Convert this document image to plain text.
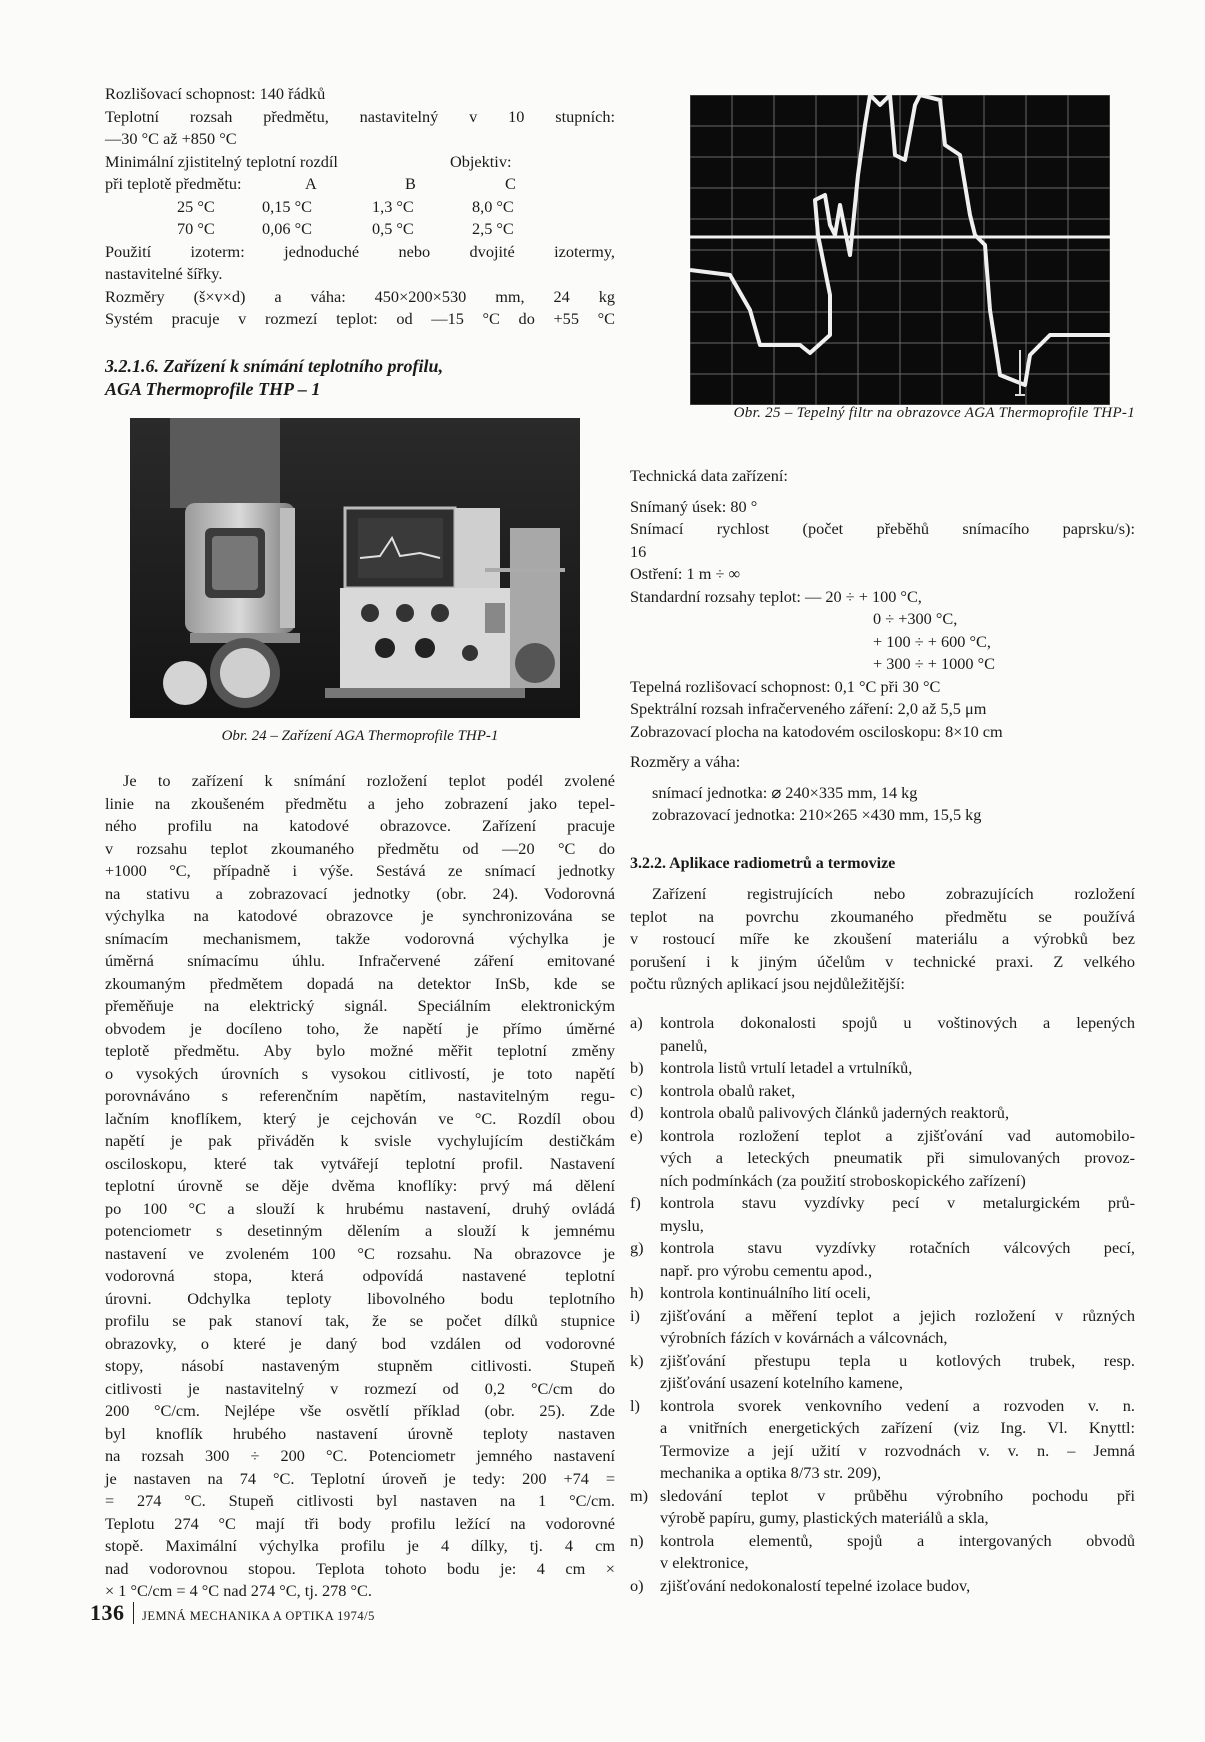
Rozlišovací schopnost: 140 řádků
Teplotní rozsah předmětu, nastavitelný v 10 stupních:
—30 °C až +850 °C
Minimální zjistitelný teplotní rozdíl	Objektiv:
při teplotě předmětu:	A	B	C
25 °C	0,15 °C	1,3 °C	8,0 °C
70 °C	0,06 °C	0,5 °C	2,5 °C
Použití izoterm: jednoduché nebo dvojité izotermy,
nastavitelné šířky.
Rozměry (š×v×d) a váha: 450×200×530 mm, 24 kg
Systém pracuje v rozmezí teplot: od —15 °C do +55 °C
3.2.1.6. Zařízení k snímání teplotního profilu,
AGA Thermoprofile THP – 1
Obr. 24 – Zařízení AGA Thermoprofile THP-1
Je to zařízení k snímání rozložení teplot podél zvolené
linie na zkoušeném předmětu a jeho zobrazení jako tepel-
ného profilu na katodové obrazovce. Zařízení pracuje
v rozsahu teplot zkoumaného předmětu od —20 °C do
+1000 °C, případně i výše. Sestává ze snímací jednotky
na stativu a zobrazovací jednotky (obr. 24). Vodorovná
výchylka na katodové obrazovce je synchronizována se
snímacím mechanismem, takže vodorovná výchylka je
úměrná snímacímu úhlu. Infračervené záření emitované
zkoumaným předmětem dopadá na detektor InSb, kde se
přeměňuje na elektrický signál. Speciálním elektronickým
obvodem je docíleno toho, že napětí je přímo úměrné
teplotě předmětu. Aby bylo možné měřit teplotní změny
o vysokých úrovních s vysokou citlivostí, je toto napětí
porovnáváno s referenčním napětím, nastavitelným regu-
lačním knoflíkem, který je cejchován ve °C. Rozdíl obou
napětí je pak přiváděn k svisle vychylujícím destičkám
osciloskopu, které tak vytvářejí teplotní profil. Nastavení
teplotní úrovně se děje dvěma knoflíky: prvý má dělení
po 100 °C a slouží k hrubému nastavení, druhý ovládá
potenciometr s desetinným dělením a slouží k jemnému
nastavení ve zvoleném 100 °C rozsahu. Na obrazovce je
vodorovná stopa, která odpovídá nastavené teplotní
úrovni. Odchylka teploty libovolného bodu teplotního
profilu se pak stanoví tak, že se počet dílků stupnice
obrazovky, o které je daný bod vzdálen od vodorovné
stopy, násobí nastaveným stupněm citlivosti. Stupeň
citlivosti je nastavitelný v rozmezí od 0,2 °C/cm do
200 °C/cm. Nejlépe vše osvětlí příklad (obr. 25). Zde
byl knoflík hrubého nastavení úrovně teploty nastaven
na rozsah 300 ÷ 200 °C. Potenciometr jemného nastavení
je nastaven na 74 °C. Teplotní úroveň je tedy: 200 +74 =
= 274 °C. Stupeň citlivosti byl nastaven na 1 °C/cm.
Teplotu 274 °C mají tři body profilu ležící na vodorovné
stopě. Maximální výchylka profilu je 4 dílky, tj. 4 cm
nad vodorovnou stopou. Teplota tohoto bodu je: 4 cm ×
× 1 °C/cm = 4 °C nad 274 °C, tj. 278 °C.
Obr. 25 – Tepelný filtr na obrazovce AGA Thermoprofile THP-1
Technická data zařízení:
Snímaný úsek: 80 °
Snímací rychlost (počet přeběhů snímacího paprsku/s):
16
Ostření: 1 m ÷ ∞
Standardní rozsahy teplot: — 20 ÷ + 100 °C,
0 ÷ +300 °C,
+ 100 ÷ + 600 °C,
+ 300 ÷ + 1000 °C
Tepelná rozlišovací schopnost: 0,1 °C při 30 °C
Spektrální rozsah infračerveného záření: 2,0 až 5,5 μm
Zobrazovací plocha na katodovém osciloskopu: 8×10 cm
Rozměry a váha:
snímací jednotka: ⌀ 240×335 mm, 14 kg
zobrazovací jednotka: 210×265 ×430 mm, 15,5 kg
3.2.2. Aplikace radiometrů a termovize
Zařízení registrujících nebo zobrazujících rozložení
teplot na povrchu zkoumaného předmětu se používá
v rostoucí míře ke zkoušení materiálu a výrobků bez
porušení i k jiným účelům v technické praxi. Z velkého
počtu různých aplikací jsou nejdůležitější:
a)	kontrola dokonalosti spojů u voštinových a lepených
panelů,
b)	kontrola listů vrtulí letadel a vrtulníků,
c)	kontrola obalů raket,
d)	kontrola obalů palivových článků jaderných reaktorů,
e)	kontrola rozložení teplot a zjišťování vad automobilo-
vých a leteckých pneumatik při simulovaných provoz-
ních podmínkách (za použití stroboskopického zařízení)
f)	kontrola stavu vyzdívky pecí v metalurgickém prů-
myslu,
g)	kontrola stavu vyzdívky rotačních válcových pecí,
např. pro výrobu cementu apod.,
h)	kontrola kontinuálního lití oceli,
i)	zjišťování a měření teplot a jejich rozložení v různých
výrobních fázích v kovárnách a válcovnách,
k)	zjišťování přestupu tepla u kotlových trubek, resp.
zjišťování usazení kotelního kamene,
l)	kontrola svorek venkovního vedení a rozvoden v. n.
a vnitřních energetických zařízení (viz Ing. Vl. Knyttl:
Termovize a její užití v rozvodnách v. v. n. – Jemná
mechanika a optika 8/73 str. 209),
m) sledování teplot v průběhu výrobního pochodu při
výrobě papíru, gumy, plastických materiálů a skla,
n)	kontrola elementů, spojů a intergovaných obvodů
v elektronice,
o)	zjišťování nedokonalostí tepelné izolace budov,
136 JEMNÁ MECHANIKA A OPTIKA 1974/5
